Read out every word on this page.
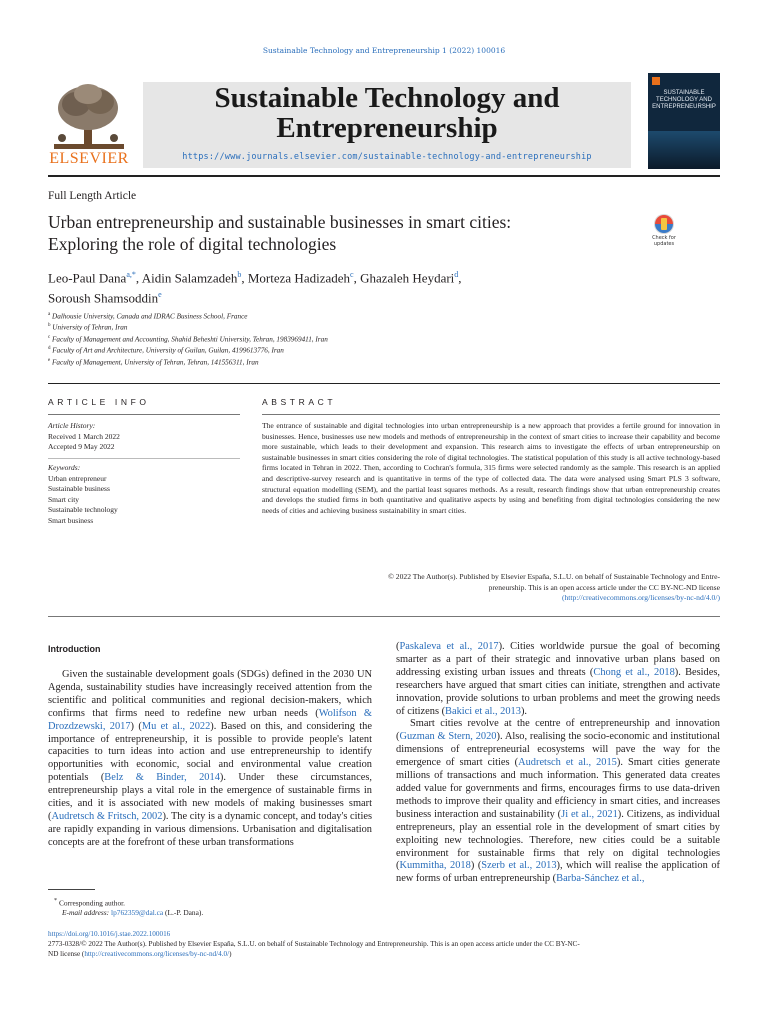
Sustainable Technology and Entrepreneurship 1 (2022) 100016
ELSEVIER
Sustainable Technology and
Entrepreneurship
https://www.journals.elsevier.com/sustainable-technology-and-entrepreneurship
SUSTAINABLE
TECHNOLOGY AND
ENTREPRENEURSHIP
Full Length Article
Urban entrepreneurship and sustainable businesses in smart cities:
Exploring the role of digital technologies	Check for
updates
Leo-Paul Dana$^{a,*}$, Aidin Salamzadeh$^b$, Morteza Hadizadeh$^c$, Ghazaleh Heydari$^d$,
Soroush Shamsoddin$^e$
$^a$ Dalhousie University, Canada and IDRAC Business School, France
$^b$ University of Tehran, Iran
$^c$ Faculty of Management and Accounting, Shahid Beheshti University, Tehran, 1983969411, Iran
$^d$ Faculty of Art and Architecture, University of Guilan, Guilan, 4199613776, Iran
$^e$ Faculty of Management, University of Tehran, Tehran, 141556311, Iran
ARTICLE INFO
Article History:
Received 1 March 2022
Accepted 9 May 2022
Keywords:
Urban entrepreneur
Sustainable business
Smart city
Sustainable technology
Smart business
ABSTRACT
The entrance of sustainable and digital technologies into urban entrepreneurship is a new approach that provides a fertile ground for innovation in businesses. Hence, businesses use new models and methods of entrepreneurship in the context of smart cities to increase their capability and become more sustainable, which leads to their development and expansion. This research aims to investigate the effects of urban entrepreneurship on sustainable businesses in smart cities considering the role of digital technologies. The statistical population of this study is all active technology-based firms located in Tehran in 2022. Then, according to Cochran's formula, 315 firms were selected randomly as the sample. This research is an applied and descriptive-survey research and is quantitative in terms of the type of collected data. The data were analysed using Smart PLS 3 software, structural equation modelling (SEM), and the partial least squares methods. As a result, research findings show that urban entrepreneurship creates and develops the studied firms in both quantitative and qualitative aspects by using and benefiting from digital technologies considering the new needs of cities and achieving business sustainability in smart cities.
© 2022 The Author(s). Published by Elsevier España, S.L.U. on behalf of Sustainable Technology and Entre-
preneurship. This is an open access article under the CC BY-NC-ND license
(http://creativecommons.org/licenses/by-nc-nd/4.0/)
Introduction
Given the sustainable development goals (SDGs) defined in the 2030 UN Agenda, sustainability studies have increasingly received attention from the scientific and political communities and regional decision-makers, which confirms that firms need to redefine new urban needs (Wolifson & Drozdzewski, 2017) (Mu et al., 2022). Based on this, and considering the importance of entrepreneurship, it is possible to provide people's latent capacities to turn ideas into action and use entrepreneurship to identify opportunities with economic, social and environmental value creation potentials (Belz & Binder, 2014). Under these circumstances, entrepreneurship plays a vital role in the emergence of sustainable firms in cities, and it is associated with new models of making businesses smart (Audretsch & Fritsch, 2002). The city is a dynamic concept, and today's cities are rapidly expanding in various dimensions. Urbanisation and digitalisation concepts are at the forefront of these urban transformations
(Paskaleva et al., 2017). Cities worldwide pursue the goal of becoming smarter as a part of their strategic and innovative urban plans based on addressing existing urban issues and threats (Chong et al., 2018). Besides, researchers have argued that smart cities can initiate, strengthen and activate innovation, provide solutions to urban problems and meet the growing needs of citizens (Bakici et al., 2013).
Smart cities revolve at the centre of entrepreneurship and innovation (Guzman & Stern, 2020). Also, realising the socio-economic and institutional dimensions of entrepreneurial ecosystems will pave the way for the emergence of smart cities (Audretsch et al., 2015). Smart cities generate millions of transactions and much information. This generated data creates added value for governments and firms, encourages firms to use data-driven methods to improve their quality and efficiency in smart cities, and increases business interaction and sustainability (Ji et al., 2021). Citizens, as individual entrepreneurs, play an essential role in the development of smart cities by exploiting new technologies. Therefore, new cities could be a suitable environment for sustainable firms that rely on digital technologies (Kummitha, 2018) (Szerb et al., 2013), which will realise the application of new forms of urban entrepreneurship (Barba-Sánchez et al.,
* Corresponding author.
E-mail address: lp762359@dal.ca (L.-P. Dana).
https://doi.org/10.1016/j.stae.2022.100016
2773-0328/© 2022 The Author(s). Published by Elsevier España, S.L.U. on behalf of Sustainable Technology and Entrepreneurship. This is an open access article under the CC BY-NC-
ND license (http://creativecommons.org/licenses/by-nc-nd/4.0/)
